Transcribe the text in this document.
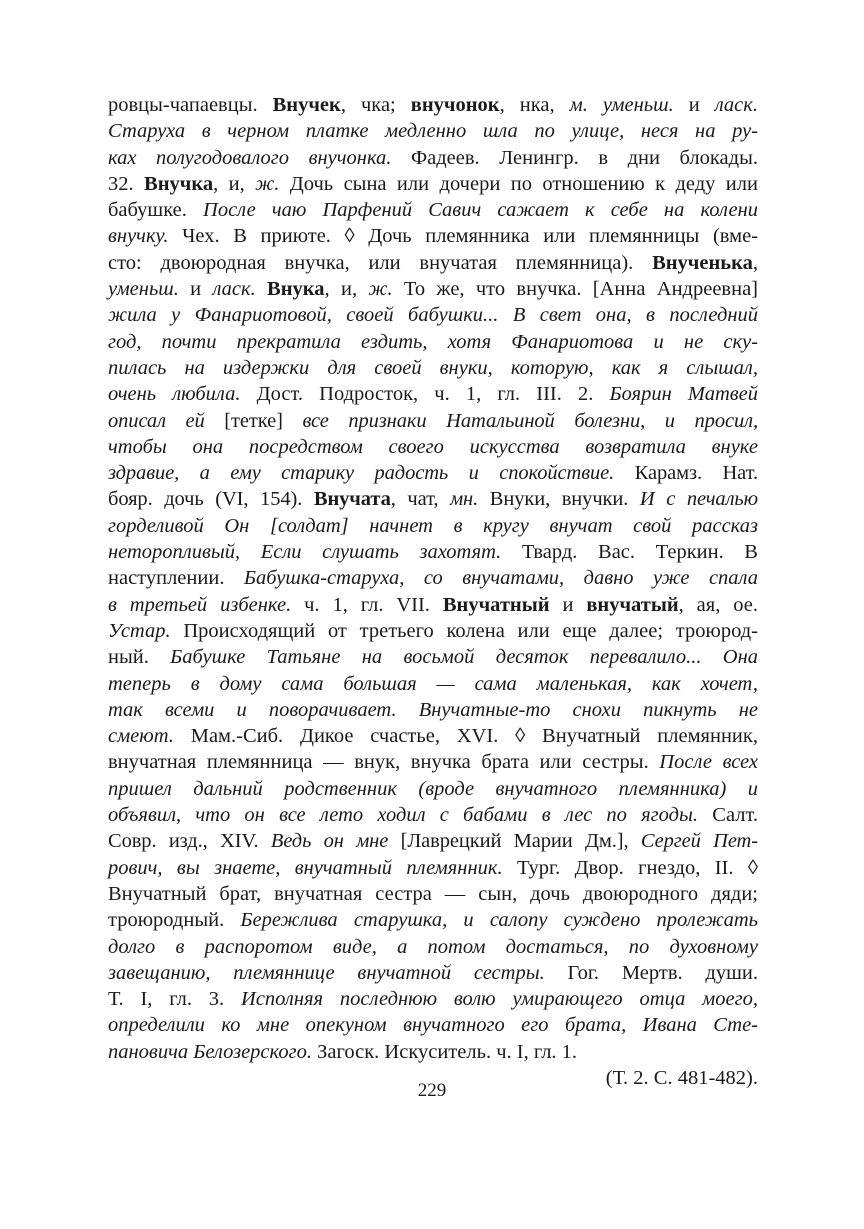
ровцы-чапаевцы. Внучек, чка; внучонок, нка, м. уменьш. и ласк.
Старуха в черном платке медленно шла по улице, неся на ру-
ках полугодовалого внучонка. Фадеев. Ленингр. в дни блокады.
32. Внучка, и, ж. Дочь сына или дочери по отношению к деду или
бабушке. После чаю Парфений Савич сажает к себе на колени
внучку. Чех. В приюте. ◊ Дочь племянника или племянницы (вме-
сто: двоюродная внучка, или внучатая племянница). Внученька,
уменьш. и ласк. Внука, и, ж. То же, что внучка. [Анна Андреевна]
жила у Фанариотовой, своей бабушки... В свет она, в последний
год, почти прекратила ездить, хотя Фанариотова и не ску-
пилась на издержки для своей внуки, которую, как я слышал,
очень любила. Дост. Подросток, ч. 1, гл. III. 2. Боярин Матвей
описал ей [тетке] все признаки Натальиной болезни, и просил,
чтобы она посредством своего искусства возвратила внуке
здравие, а ему старику радость и спокойствие. Карамз. Нат.
бояр. дочь (VI, 154). Внучата, чат, мн. Внуки, внучки. И с печалью
горделивой Он [солдат] начнет в кругу внучат свой рассказ
неторопливый, Если слушать захотят. Твард. Вас. Теркин. В
наступлении. Бабушка-старуха, со внучатами, давно уже спала
в третьей избенке. ч. 1, гл. VII. Внучатный и внучатый, ая, ое.
Устар. Происходящий от третьего колена или еще далее; троюрод-
ный. Бабушке Татьяне на восьмой десяток перевалило... Она
теперь в дому сама большая — сама маленькая, как хочет,
так всеми и поворачивает. Внучатные-то снохи пикнуть не
смеют. Мам.-Сиб. Дикое счастье, XVI. ◊ Внучатный племянник,
внучатная племянница — внук, внучка брата или сестры. После всех
пришел дальний родственник (вроде внучатного племянника) и
объявил, что он все лето ходил с бабами в лес по ягоды. Салт.
Совр. изд., XIV. Ведь он мне [Лаврецкий Марии Дм.], Сергей Пет-
рович, вы знаете, внучатный племянник. Тург. Двор. гнездо, II. ◊
Внучатный брат, внучатная сестра — сын, дочь двоюродного дяди;
троюродный. Бережлива старушка, и салопу суждено пролежать
долго в распоротом виде, а потом достаться, по духовному
завещанию, племяннице внучатной сестры. Гог. Мертв. души.
Т. I, гл. 3. Исполняя последнюю волю умирающего отца моего,
определили ко мне опекуном внучатного его брата, Ивана Сте-
пановича Белозерского. Загоск. Искуситель. ч. I, гл. 1.
(Т. 2. С. 481-482).
229
